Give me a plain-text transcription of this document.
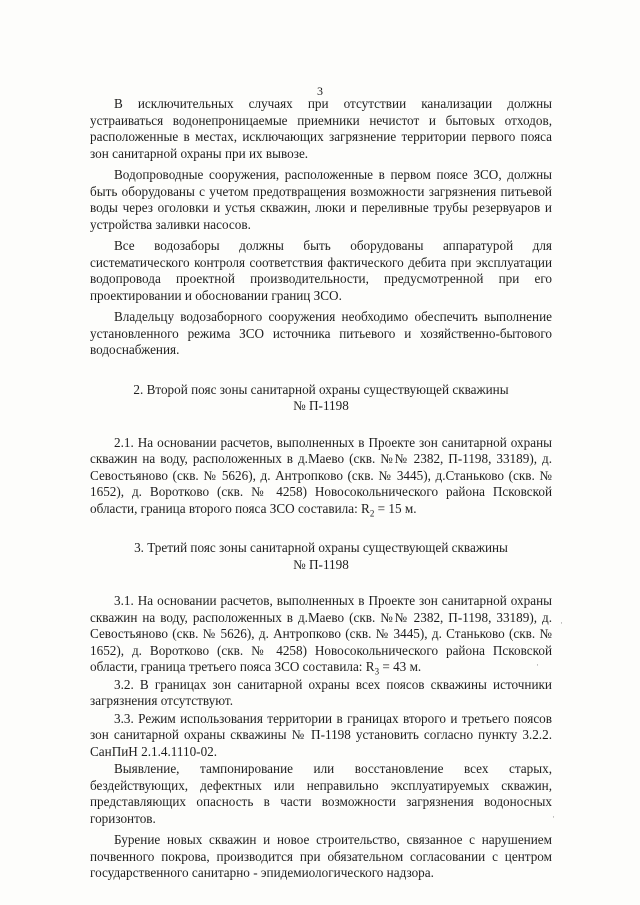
3

В исключительных случаях при отсутствии канализации должны устраиваться водонепроницаемые приемники нечистот и бытовых отходов, расположенные в местах, исключающих загрязнение территории первого пояса зон санитарной охраны при их вывозе.

Водопроводные сооружения, расположенные в первом поясе ЗСО, должны быть оборудованы с учетом предотвращения возможности загрязнения питьевой воды через оголовки и устья скважин, люки и переливные трубы резервуаров и устройства заливки насосов.

Все водозаборы должны быть оборудованы аппаратурой для систематического контроля соответствия фактического дебита при эксплуатации водопровода проектной производительности, предусмотренной при его проектировании и обосновании границ ЗСО.

Владельцу водозаборного сооружения необходимо обеспечить выполнение установленного режима ЗСО источника питьевого и хозяйственно-бытового водоснабжения.

2. Второй пояс зоны санитарной охраны существующей скважины

№ П-1198

2.1. На основании расчетов, выполненных в Проекте зон санитарной охраны скважин на воду, расположенных в д.Маево (скв. №№ 2382, П-1198, 33189), д. Севостьяново (скв. № 5626), д. Антропково (скв. № 3445), д.Станьково (скв. № 1652), д. Воротково (скв. № 4258) Новосокольнического района Псковской области, граница второго пояса ЗСО составила: $R_2 = 15$ м.

3. Третий пояс зоны санитарной охраны существующей скважины

№ П-1198

3.1. На основании расчетов, выполненных в Проекте зон санитарной охраны скважин на воду, расположенных в д.Маево (скв. №№ 2382, П-1198, 33189), д. Севостьяново (скв. № 5626), д. Антропково (скв. № 3445), д. Станьково (скв. № 1652), д. Воротково (скв. № 4258) Новосокольнического района Псковской области, граница третьего пояса ЗСО составила: $R_3 = 43$ м.

3.2. В границах зон санитарной охраны всех поясов скважины источники загрязнения отсутствуют.

3.3. Режим использования территории в границах второго и третьего поясов зон санитарной охраны скважины № П-1198 установить согласно пункту 3.2.2. СанПиН 2.1.4.1110-02.

Выявление, тампонирование или восстановление всех старых, бездействующих, дефектных или неправильно эксплуатируемых скважин, представляющих опасность в части возможности загрязнения водоносных горизонтов.

Бурение новых скважин и новое строительство, связанное с нарушением почвенного покрова, производится при обязательном согласовании с центром государственного санитарно - эпидемиологического надзора.

·
·
·
